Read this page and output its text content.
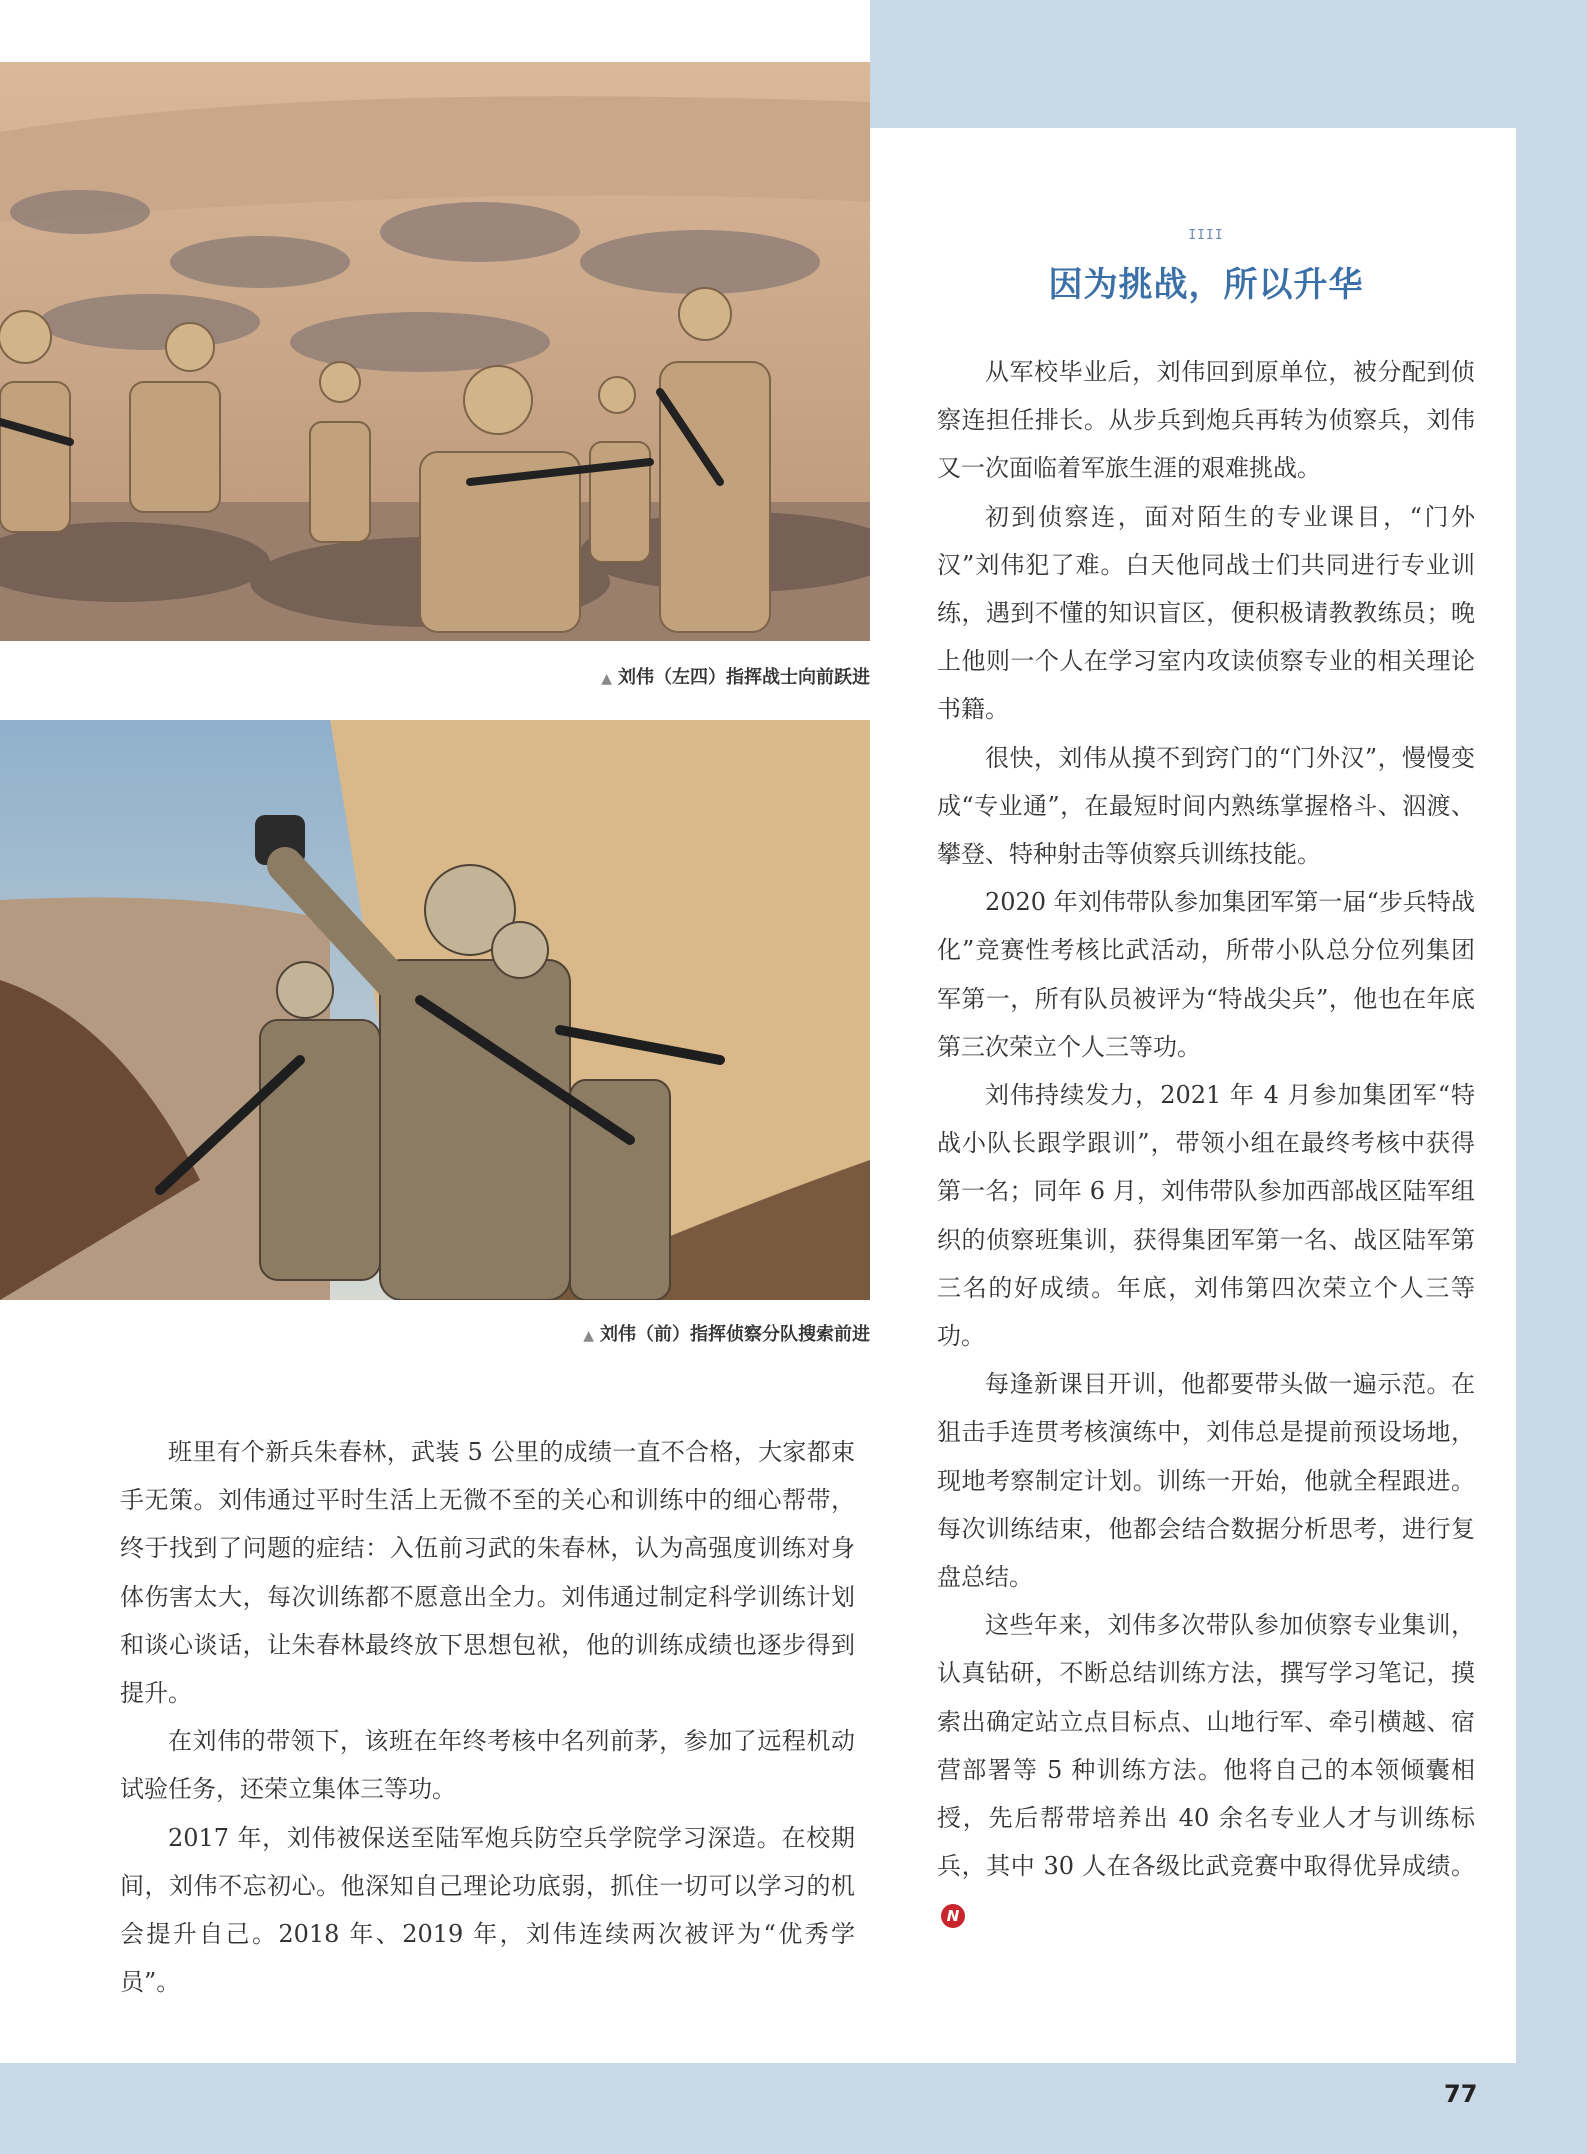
▲ 刘伟（左四）指挥战士向前跃进
▲ 刘伟（前）指挥侦察分队搜索前进
IIII
因为挑战，所以升华

从军校毕业后，刘伟回到原单位，被分配到侦察连担任排长。从步兵到炮兵再转为侦察兵，刘伟又一次面临着军旅生涯的艰难挑战。

初到侦察连，面对陌生的专业课目，“门外汉”刘伟犯了难。白天他同战士们共同进行专业训练，遇到不懂的知识盲区，便积极请教教练员；晚上他则一个人在学习室内攻读侦察专业的相关理论书籍。

很快，刘伟从摸不到窍门的“门外汉”，慢慢变成“专业通”，在最短时间内熟练掌握格斗、泅渡、攀登、特种射击等侦察兵训练技能。

2020 年刘伟带队参加集团军第一届“步兵特战化”竞赛性考核比武活动，所带小队总分位列集团军第一，所有队员被评为“特战尖兵”，他也在年底第三次荣立个人三等功。

刘伟持续发力，2021 年 4 月参加集团军“特战小队长跟学跟训”，带领小组在最终考核中获得第一名；同年 6 月，刘伟带队参加西部战区陆军组织的侦察班集训，获得集团军第一名、战区陆军第三名的好成绩。年底，刘伟第四次荣立个人三等功。

每逢新课目开训，他都要带头做一遍示范。在狙击手连贯考核演练中，刘伟总是提前预设场地，现地考察制定计划。训练一开始，他就全程跟进。每次训练结束，他都会结合数据分析思考，进行复盘总结。

这些年来，刘伟多次带队参加侦察专业集训，认真钻研，不断总结训练方法，撰写学习笔记，摸索出确定站立点目标点、山地行军、牵引横越、宿营部署等 5 种训练方法。他将自己的本领倾囊相授，先后帮带培养出 40 余名专业人才与训练标兵，其中 30 人在各级比武竞赛中取得优异成绩。N

班里有个新兵朱春林，武装 5 公里的成绩一直不合格，大家都束手无策。刘伟通过平时生活上无微不至的关心和训练中的细心帮带，终于找到了问题的症结：入伍前习武的朱春林，认为高强度训练对身体伤害太大，每次训练都不愿意出全力。刘伟通过制定科学训练计划和谈心谈话，让朱春林最终放下思想包袱，他的训练成绩也逐步得到提升。

在刘伟的带领下，该班在年终考核中名列前茅，参加了远程机动试验任务，还荣立集体三等功。

2017 年，刘伟被保送至陆军炮兵防空兵学院学习深造。在校期间，刘伟不忘初心。他深知自己理论功底弱，抓住一切可以学习的机会提升自己。2018 年、2019 年，刘伟连续两次被评为“优秀学员”。

77
